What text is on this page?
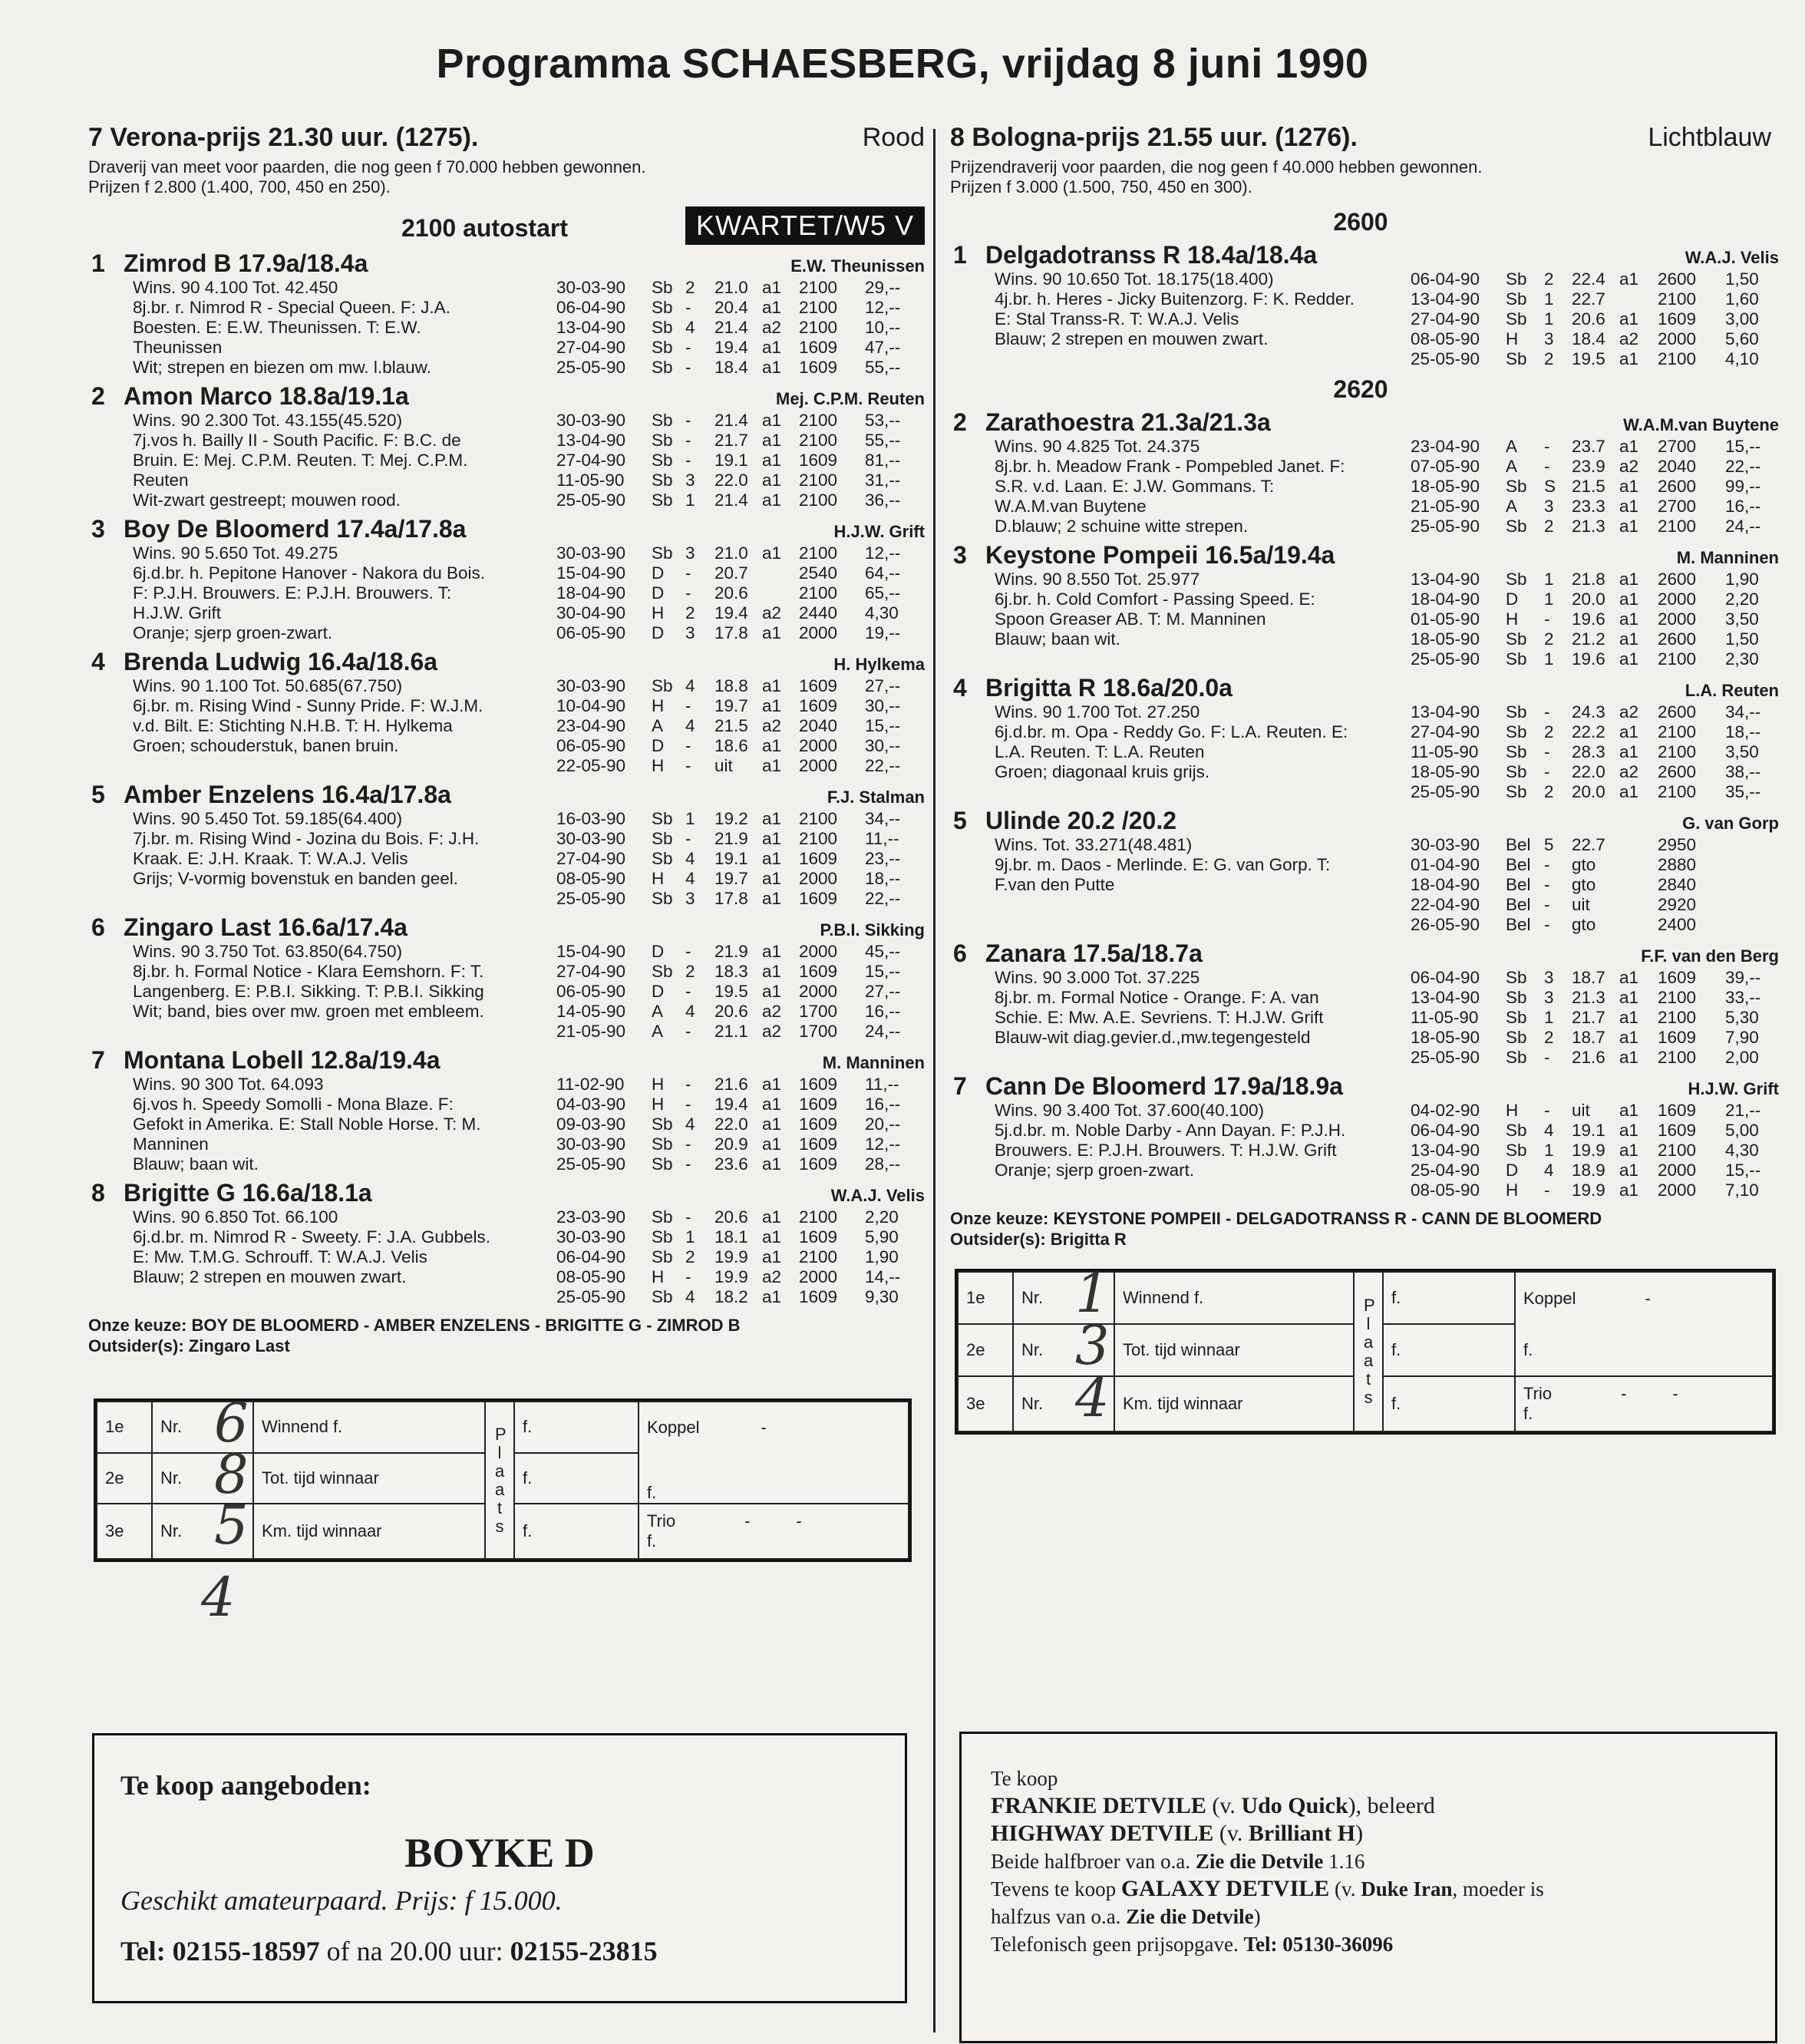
Programma SCHAESBERG, vrijdag 8 juni 1990
7 Verona-prijs 21.30 uur. (1275).	Rood
Draverij van meet voor paarden, die nog geen f 70.000 hebben gewonnen.
Prijzen f 2.800 (1.400, 700, 450 en 250).
2100 autostart	KWARTET/W5 V
1 Zimrod B 17.9a/18.4a	E.W. Theunissen
Wins. 90 4.100 Tot. 42.450
8j.br. r. Nimrod R - Special Queen. F: J.A.
Boesten. E: E.W. Theunissen. T: E.W.
Theunissen
Wit; strepen en biezen om mw. l.blauw.
30-03-90	Sb 2	21.0 a1	2100	29,--
06-04-90	Sb -	20.4 a1	2100	12,--
13-04-90	Sb 4	21.4 a2	2100	10,--
27-04-90	Sb -	19.4 a1	1609	47,--
25-05-90	Sb -	18.4 a1	1609	55,--
2 Amon Marco 18.8a/19.1a	Mej. C.P.M. Reuten
Wins. 90 2.300 Tot. 43.155(45.520)
7j.vos h. Bailly II - South Pacific. F: B.C. de
Bruin. E: Mej. C.P.M. Reuten. T: Mej. C.P.M.
Reuten
Wit-zwart gestreept; mouwen rood.
30-03-90	Sb -	21.4 a1	2100	53,--
13-04-90	Sb -	21.7 a1	2100	55,--
27-04-90	Sb -	19.1 a1	1609	81,--
11-05-90	Sb 3	22.0 a1	2100	31,--
25-05-90	Sb 1	21.4 a1	2100	36,--
3 Boy De Bloomerd 17.4a/17.8a	H.J.W. Grift
Wins. 90 5.650 Tot. 49.275
6j.d.br. h. Pepitone Hanover - Nakora du Bois.
F: P.J.H. Brouwers. E: P.J.H. Brouwers. T:
H.J.W. Grift
Oranje; sjerp groen-zwart.
30-03-90	Sb 3	21.0 a1	2100	12,--
15-04-90	D	-	20.7	2540	64,--
18-04-90	D	-	20.6	2100	65,--
30-04-90	H	2	19.4 a2	2440	4,30
06-05-90	D	3	17.8 a1	2000	19,--
4 Brenda Ludwig 16.4a/18.6a	H. Hylkema
Wins. 90 1.100 Tot. 50.685(67.750)
6j.br. m. Rising Wind - Sunny Pride. F: W.J.M.
v.d. Bilt. E: Stichting N.H.B. T: H. Hylkema
Groen; schouderstuk, banen bruin.
30-03-90	Sb 4	18.8 a1	1609	27,--
10-04-90	H	-	19.7 a1	1609	30,--
23-04-90	A	4	21.5 a2	2040	15,--
06-05-90	D	-	18.6 a1	2000	30,--
22-05-90	H	-	uit	a1	2000	22,--
5 Amber Enzelens 16.4a/17.8a	F.J. Stalman
Wins. 90 5.450 Tot. 59.185(64.400)
7j.br. m. Rising Wind - Jozina du Bois. F: J.H.
Kraak. E: J.H. Kraak. T: W.A.J. Velis
Grijs; V-vormig bovenstuk en banden geel.
16-03-90	Sb 1	19.2 a1	2100	34,--
30-03-90	Sb -	21.9 a1	2100	11,--
27-04-90	Sb 4	19.1 a1	1609	23,--
08-05-90	H	4	19.7 a1	2000	18,--
25-05-90	Sb 3	17.8 a1	1609	22,--
6 Zingaro Last 16.6a/17.4a	P.B.I. Sikking
Wins. 90 3.750 Tot. 63.850(64.750)
8j.br. h. Formal Notice - Klara Eemshorn. F: T.
Langenberg. E: P.B.I. Sikking. T: P.B.I. Sikking
Wit; band, bies over mw. groen met embleem.
15-04-90	D	-	21.9 a1	2000	45,--
27-04-90	Sb 2	18.3 a1	1609	15,--
06-05-90	D	-	19.5 a1	2000	27,--
14-05-90	A	4	20.6 a2	1700	16,--
21-05-90	A	-	21.1 a2	1700	24,--
7 Montana Lobell 12.8a/19.4a	M. Manninen
Wins. 90 300 Tot. 64.093
6j.vos h. Speedy Somolli - Mona Blaze. F:
Gefokt in Amerika. E: Stall Noble Horse. T: M.
Manninen
Blauw; baan wit.
11-02-90	H	-	21.6 a1	1609	11,--
04-03-90	H	-	19.4 a1	1609	16,--
09-03-90	Sb 4	22.0 a1	1609	20,--
30-03-90	Sb -	20.9 a1	1609	12,--
25-05-90	Sb -	23.6 a1	1609	28,--
8 Brigitte G 16.6a/18.1a	W.A.J. Velis
Wins. 90 6.850 Tot. 66.100
6j.d.br. m. Nimrod R - Sweety. F: J.A. Gubbels.
E: Mw. T.M.G. Schrouff. T: W.A.J. Velis
Blauw; 2 strepen en mouwen zwart.
23-03-90	Sb -	20.6 a1	2100	2,20
30-03-90	Sb 1	18.1 a1	1609	5,90
06-04-90	Sb 2	19.9 a1	2100	1,90
08-05-90	H	-	19.9 a2	2000	14,--
25-05-90	Sb 4	18.2 a1	1609	9,30
Onze keuze: BOY DE BLOOMERD - AMBER ENZELENS - BRIGITTE G - ZIMROD B
Outsider(s): Zingaro Last
8 Bologna-prijs 21.55 uur. (1276).	Lichtblauw
Prijzendraverij voor paarden, die nog geen f 40.000 hebben gewonnen.
Prijzen f 3.000 (1.500, 750, 450 en 300).
2600
1 Delgadotranss R 18.4a/18.4a	W.A.J. Velis
Wins. 90 10.650 Tot. 18.175(18.400)
4j.br. h. Heres - Jicky Buitenzorg. F: K. Redder.
E: Stal Transs-R. T: W.A.J. Velis
Blauw; 2 strepen en mouwen zwart.
06-04-90	Sb 2	22.4 a1	2600	1,50
13-04-90	Sb 1	22.7	2100	1,60
27-04-90	Sb 1	20.6 a1	1609	3,00
08-05-90	H	3	18.4 a2	2000	5,60
25-05-90	Sb 2	19.5 a1	2100	4,10
2620
2 Zarathoestra 21.3a/21.3a	W.A.M.van Buytene
Wins. 90 4.825 Tot. 24.375
8j.br. h. Meadow Frank - Pompebled Janet. F:
S.R. v.d. Laan. E: J.W. Gommans. T:
W.A.M.van Buytene
D.blauw; 2 schuine witte strepen.
23-04-90	A	-	23.7 a1	2700	15,--
07-05-90	A	-	23.9 a2	2040	22,--
18-05-90	Sb S 21.5 a1	2600	99,--
21-05-90	A	3	23.3 a1	2700	16,--
25-05-90	Sb 2	21.3 a1	2100	24,--
3 Keystone Pompeii 16.5a/19.4a	M. Manninen
Wins. 90 8.550 Tot. 25.977
6j.br. h. Cold Comfort - Passing Speed. E:
Spoon Greaser AB. T: M. Manninen
Blauw; baan wit.
13-04-90	Sb 1	21.8 a1	2600	1,90
18-04-90	D	1	20.0 a1	2000	2,20
01-05-90	H	-	19.6 a1	2000	3,50
18-05-90	Sb 2	21.2 a1	2600	1,50
25-05-90	Sb 1	19.6 a1	2100	2,30
4 Brigitta R 18.6a/20.0a	L.A. Reuten
Wins. 90 1.700 Tot. 27.250
6j.d.br. m. Opa - Reddy Go. F: L.A. Reuten. E:
L.A. Reuten. T: L.A. Reuten
Groen; diagonaal kruis grijs.
13-04-90	Sb -	24.3 a2	2600	34,--
27-04-90	Sb 2	22.2 a1	2100	18,--
11-05-90	Sb -	28.3 a1	2100	3,50
18-05-90	Sb -	22.0 a2	2600	38,--
25-05-90	Sb 2	20.0 a1	2100	35,--
5 Ulinde 20.2 /20.2	G. van Gorp
Wins. Tot. 33.271(48.481)
9j.br. m. Daos - Merlinde. E: G. van Gorp. T:
F.van den Putte
30-03-90	Bel 5	22.7	2950
01-04-90	Bel -	gto	2880
18-04-90	Bel -	gto	2840
22-04-90	Bel -	uit	2920
26-05-90	Bel -	gto	2400
6 Zanara 17.5a/18.7a	F.F. van den Berg
Wins. 90 3.000 Tot. 37.225
8j.br. m. Formal Notice - Orange. F: A. van
Schie. E: Mw. A.E. Sevriens. T: H.J.W. Grift
Blauw-wit diag.gevier.d.,mw.tegengesteld
06-04-90	Sb 3	18.7 a1	1609	39,--
13-04-90	Sb 3	21.3 a1	2100	33,--
11-05-90	Sb 1	21.7 a1	2100	5,30
18-05-90	Sb 2	18.7 a1	1609	7,90
25-05-90	Sb -	21.6 a1	2100	2,00
7 Cann De Bloomerd 17.9a/18.9a	H.J.W. Grift
Wins. 90 3.400 Tot. 37.600(40.100)
5j.d.br. m. Noble Darby - Ann Dayan. F: P.J.H.
Brouwers. E: P.J.H. Brouwers. T: H.J.W. Grift
Oranje; sjerp groen-zwart.
04-02-90	H	-	uit	a1	1609	21,--
06-04-90	Sb 4	19.1 a1	1609	5,00
13-04-90	Sb 1	19.9 a1	2100	4,30
25-04-90	D	4	18.9 a1	2000	15,--
08-05-90	H	-	19.9 a1	2000	7,10
Onze keuze: KEYSTONE POMPEII - DELGADOTRANSS R - CANN DE BLOOMERD
Outsider(s): Brigitta R
1e	Nr. 6	Winnend f.	P l a a t s	f.	Koppel -
2e	Nr. 8	Tot. tijd winnaar		f.	f.
3e	Nr. 5	Km. tijd winnaar		f.	Trio - -
f.
4
1e	Nr. 1	Winnend f.	P l a a t s	f.	Koppel -
2e	Nr. 3	Tot. tijd winnaar		f.	f.
3e	Nr. 4	Km. tijd winnaar		f.	Trio - -
f.
Te koop aangeboden:
BOYKE D
Geschikt amateurpaard. Prijs: f 15.000.
Tel: 02155-18597 of na 20.00 uur: 02155-23815
Te koop
FRANKIE DETVILE (v. Udo Quick), beleerd
HIGHWAY DETVILE (v. Brilliant H)
Beide halfbroer van o.a. Zie die Detvile 1.16
Tevens te koop GALAXY DETVILE (v. Duke Iran, moeder is
halfzus van o.a. Zie die Detvile)
Telefonisch geen prijsopgave. Tel: 05130-36096
